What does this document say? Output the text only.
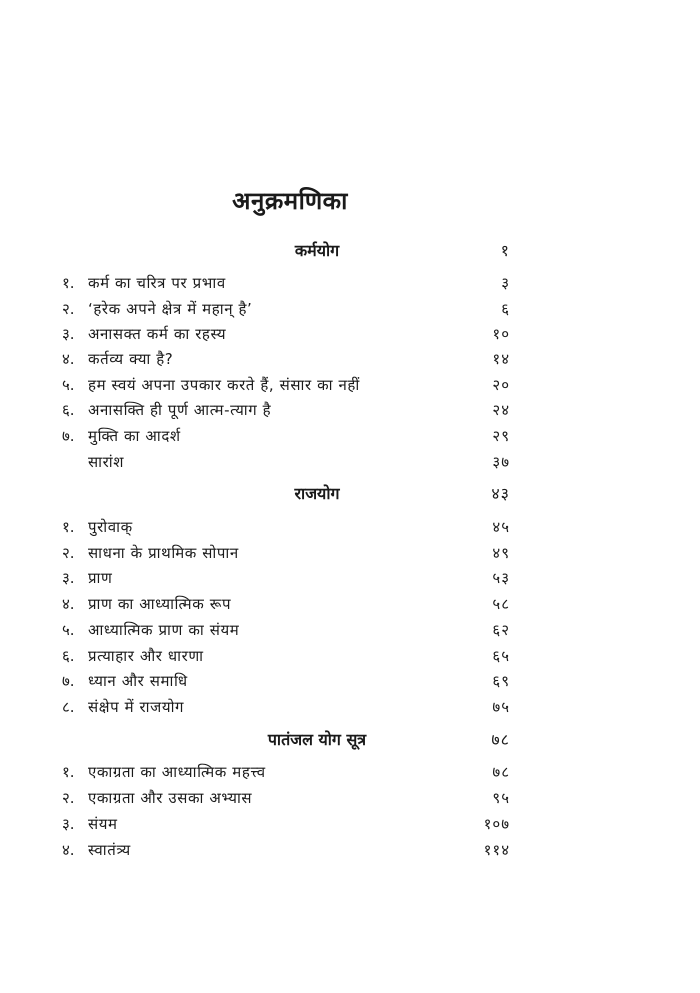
अनुक्रमणिका
कर्मयोग	१
१. कर्म का चरित्र पर प्रभाव	३
२. ‘हरेक अपने क्षेत्र में महान् है’	६
३. अनासक्त कर्म का रहस्य	१०
४. कर्तव्य क्या है?	१४
५. हम स्वयं अपना उपकार करते हैं, संसार का नहीं	२०
६. अनासक्ति ही पूर्ण आत्म-त्याग है	२४
७. मुक्ति का आदर्श	२९
सारांश	३७
राजयोग	४३
१. पुरोवाक्	४५
२. साधना के प्राथमिक सोपान	४९
३. प्राण	५३
४. प्राण का आध्यात्मिक रूप	५८
५. आध्यात्मिक प्राण का संयम	६२
६. प्रत्याहार और धारणा	६५
७. ध्यान और समाधि	६९
८. संक्षेप में राजयोग	७५
पातंजल योग सूत्र	७८
१. एकाग्रता का आध्यात्मिक महत्त्व	७८
२. एकाग्रता और उसका अभ्यास	९५
३. संयम	१०७
४. स्वातंत्र्य	११४
